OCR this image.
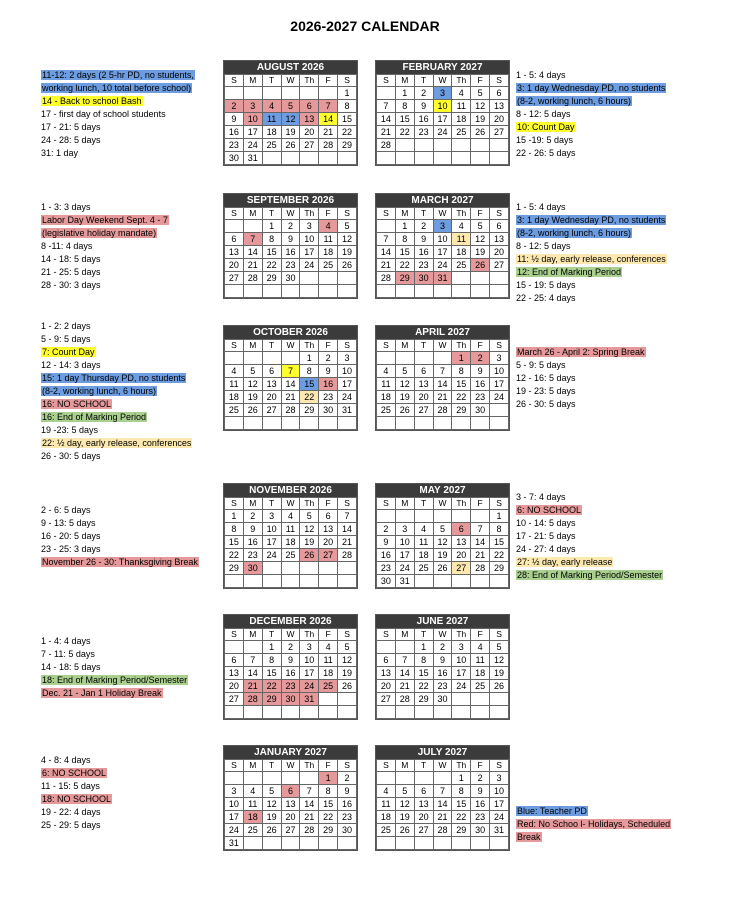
2026-2027 CALENDAR
AUGUST 2026
S	M	T	W	Th	F	S
						1
2	3	4	5	6	7	8
9	10	11	12	13	14	15
16	17	18	19	20	21	22
23	24	25	26	27	28	29
30	31					
FEBRUARY 2027
S	M	T	W	Th	F	S
	1	2	3	4	5	6
7	8	9	10	11	12	13
14	15	16	17	18	19	20
21	22	23	24	25	26	27
28						

SEPTEMBER 2026
S	M	T	W	Th	F	S
		1	2	3	4	5
6	7	8	9	10	11	12
13	14	15	16	17	18	19
20	21	22	23	24	25	26
27	28	29	30			

MARCH 2027
S	M	T	W	Th	F	S
	1	2	3	4	5	6
7	8	9	10	11	12	13
14	15	16	17	18	19	20
21	22	23	24	25	26	27
28	29	30	31			

OCTOBER 2026
S	M	T	W	Th	F	S
				1	2	3
4	5	6	7	8	9	10
11	12	13	14	15	16	17
18	19	20	21	22	23	24
25	26	27	28	29	30	31

APRIL 2027
S	M	T	W	Th	F	S
				1	2	3
4	5	6	7	8	9	10
11	12	13	14	15	16	17
18	19	20	21	22	23	24
25	26	27	28	29	30	

NOVEMBER 2026
S	M	T	W	Th	F	S
1	2	3	4	5	6	7
8	9	10	11	12	13	14
15	16	17	18	19	20	21
22	23	24	25	26	27	28
29	30					

MAY 2027
S	M	T	W	Th	F	S
						1
2	3	4	5	6	7	8
9	10	11	12	13	14	15
16	17	18	19	20	21	22
23	24	25	26	27	28	29
30	31					
DECEMBER 2026
S	M	T	W	Th	F	S
		1	2	3	4	5
6	7	8	9	10	11	12
13	14	15	16	17	18	19
20	21	22	23	24	25	26
27	28	29	30	31		

JUNE 2027
S	M	T	W	Th	F	S
		1	2	3	4	5
6	7	8	9	10	11	12
13	14	15	16	17	18	19
20	21	22	23	24	25	26
27	28	29	30			

JANUARY 2027
S	M	T	W	Th	F	S
					1	2
3	4	5	6	7	8	9
10	11	12	13	14	15	16
17	18	19	20	21	22	23
24	25	26	27	28	29	30
31						
JULY 2027
S	M	T	W	Th	F	S
				1	2	3
4	5	6	7	8	9	10
11	12	13	14	15	16	17
18	19	20	21	22	23	24
25	26	27	28	29	30	31

11-12: 2 days (2 5-hr PD, no students,
working lunch, 10 total before school)
14 - Back to school Bash
17 - first day of school students
17 - 21: 5 days
24 - 28: 5 days
31: 1 day
1 - 5: 4 days
3: 1 day Wednesday PD, no students
(8-2, working lunch, 6 hours)
8 - 12: 5 days
10: Count Day
15 -19: 5 days
22 - 26: 5 days
1 - 3: 3 days
Labor Day Weekend Sept. 4 - 7
(legislative holiday mandate)
8 -11: 4 days
14 - 18: 5 days
21 - 25: 5 days
28 - 30: 3 days
1 - 5: 4 days
3: 1 day Wednesday PD, no students
(8-2, working lunch, 6 hours)
8 - 12: 5 days
11: ½ day, early release, conferences
12: End of Marking Period
15 - 19: 5 days
22 - 25: 4 days
1 - 2: 2 days
5 - 9: 5 days
7: Count Day
12 - 14: 3 days
15: 1 day Thursday PD, no students
(8-2, working lunch, 6 hours)
16: NO SCHOOL
16: End of Marking Period
19 -23: 5 days
22: ½ day, early release, conferences
26 - 30: 5 days
March 26 - April 2: Spring Break
5 - 9: 5 days
12 - 16: 5 days
19 - 23: 5 days
26 - 30: 5 days
2 - 6: 5 days
9 - 13: 5 days
16 - 20: 5 days
23 - 25: 3 days
November 26 - 30: Thanksgiving Break
3 - 7: 4 days
6: NO SCHOOL
10 - 14: 5 days
17 - 21: 5 days
24 - 27: 4 days
27: ½ day, early release
28: End of Marking Period/Semester
1 - 4: 4 days
7 - 11: 5 days
14 - 18: 5 days
18: End of Marking Period/Semester
Dec. 21 - Jan 1 Holiday Break
4 - 8: 4 days
6: NO SCHOOL
11 - 15: 5 days
18: NO SCHOOL
19 - 22: 4 days
25 - 29: 5 days
Blue: Teacher PD
Red: No Schoo l- Holidays, Scheduled
Break
